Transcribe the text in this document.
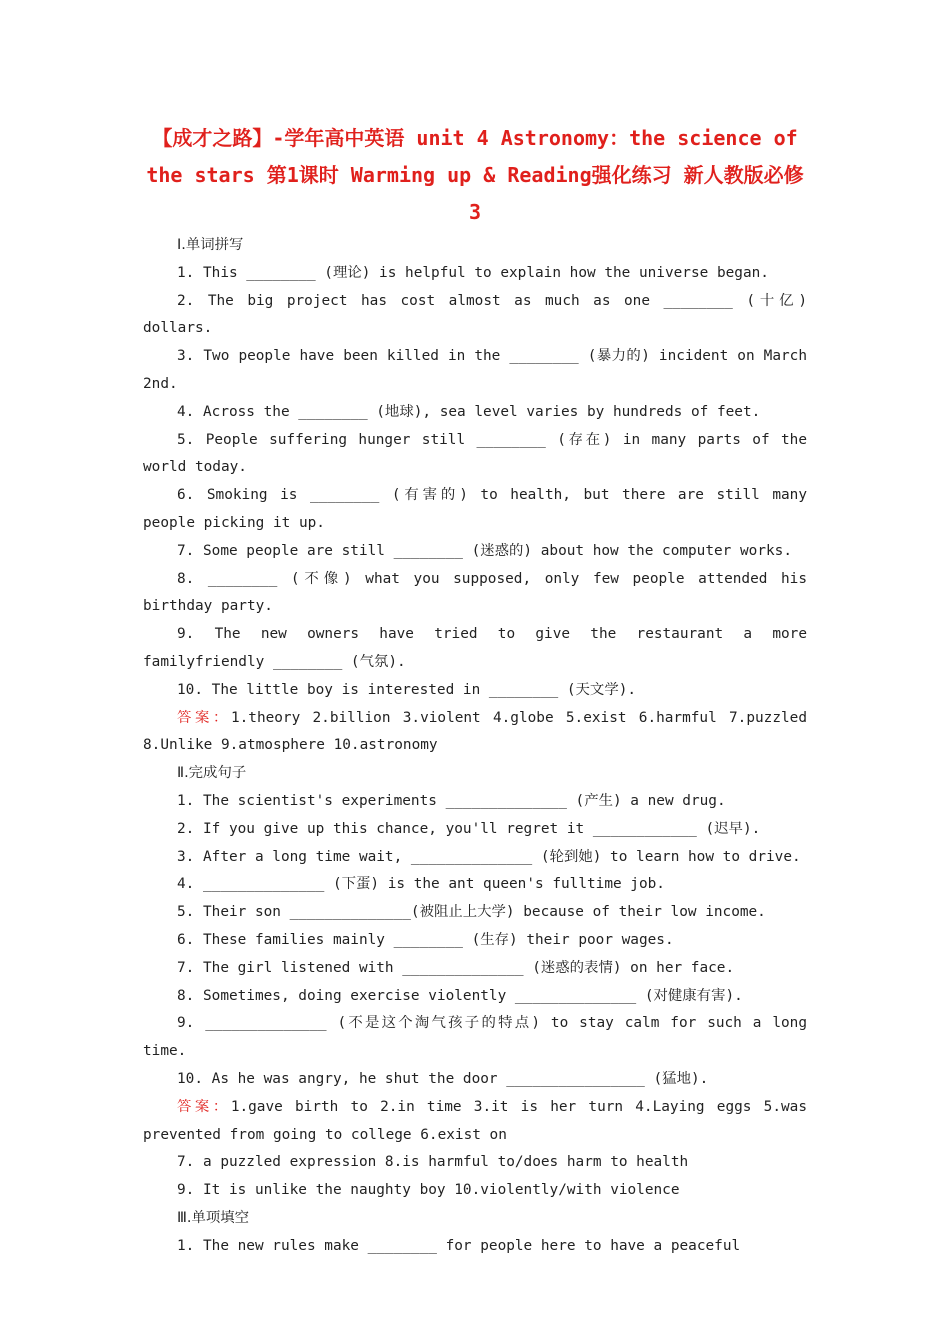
【成才之路】-学年高中英语 unit 4 Astronomy：the science of the stars 第1课时 Warming up & Reading强化练习 新人教版必修3

Ⅰ.单词拼写

1. This ________ (理论) is helpful to explain how the universe began.

2. The big project has cost almost as much as one ________ (十亿) dollars.

3. Two people have been killed in the ________ (暴力的) incident on March 2nd.

4. Across the ________ (地球), sea level varies by hundreds of feet.

5. People suffering hunger still ________ (存在) in many parts of the world today.

6. Smoking is ________ (有害的) to health, but there are still many people picking it up.

7. Some people are still ________ (迷惑的) about how the computer works.

8. ________ (不像) what you supposed, only few people attended his birthday party.

9. The new owners have tried to give the restaurant a more familyfriendly ________ (气氛).

10. The little boy is interested in ________ (天文学).

答案：1.theory 2.billion 3.violent 4.globe 5.exist 6.harmful 7.puzzled 8.Unlike 9.atmosphere 10.astronomy

Ⅱ.完成句子

1. The scientist's experiments ______________ (产生) a new drug.

2. If you give up this chance, you'll regret it ____________ (迟早).

3. After a long time wait, ______________ (轮到她) to learn how to drive.

4. ______________ (下蛋) is the ant queen's fulltime job.

5. Their son ______________(被阻止上大学) because of their low income.

6. These families mainly ________ (生存) their poor wages.

7. The girl listened with ______________ (迷惑的表情) on her face.

8. Sometimes, doing exercise violently ______________ (对健康有害).

9. ______________ (不是这个淘气孩子的特点) to stay calm for such a long time.

10. As he was angry, he shut the door ________________ (猛地).

答案：1.gave birth to 2.in time 3.it is her turn 4.Laying eggs 5.was prevented from going to college 6.exist on

7. a puzzled expression 8.is harmful to/does harm to health

9. It is unlike the naughty boy 10.violently/with violence

Ⅲ.单项填空

1. The new rules make ________ for people here to have a peaceful
